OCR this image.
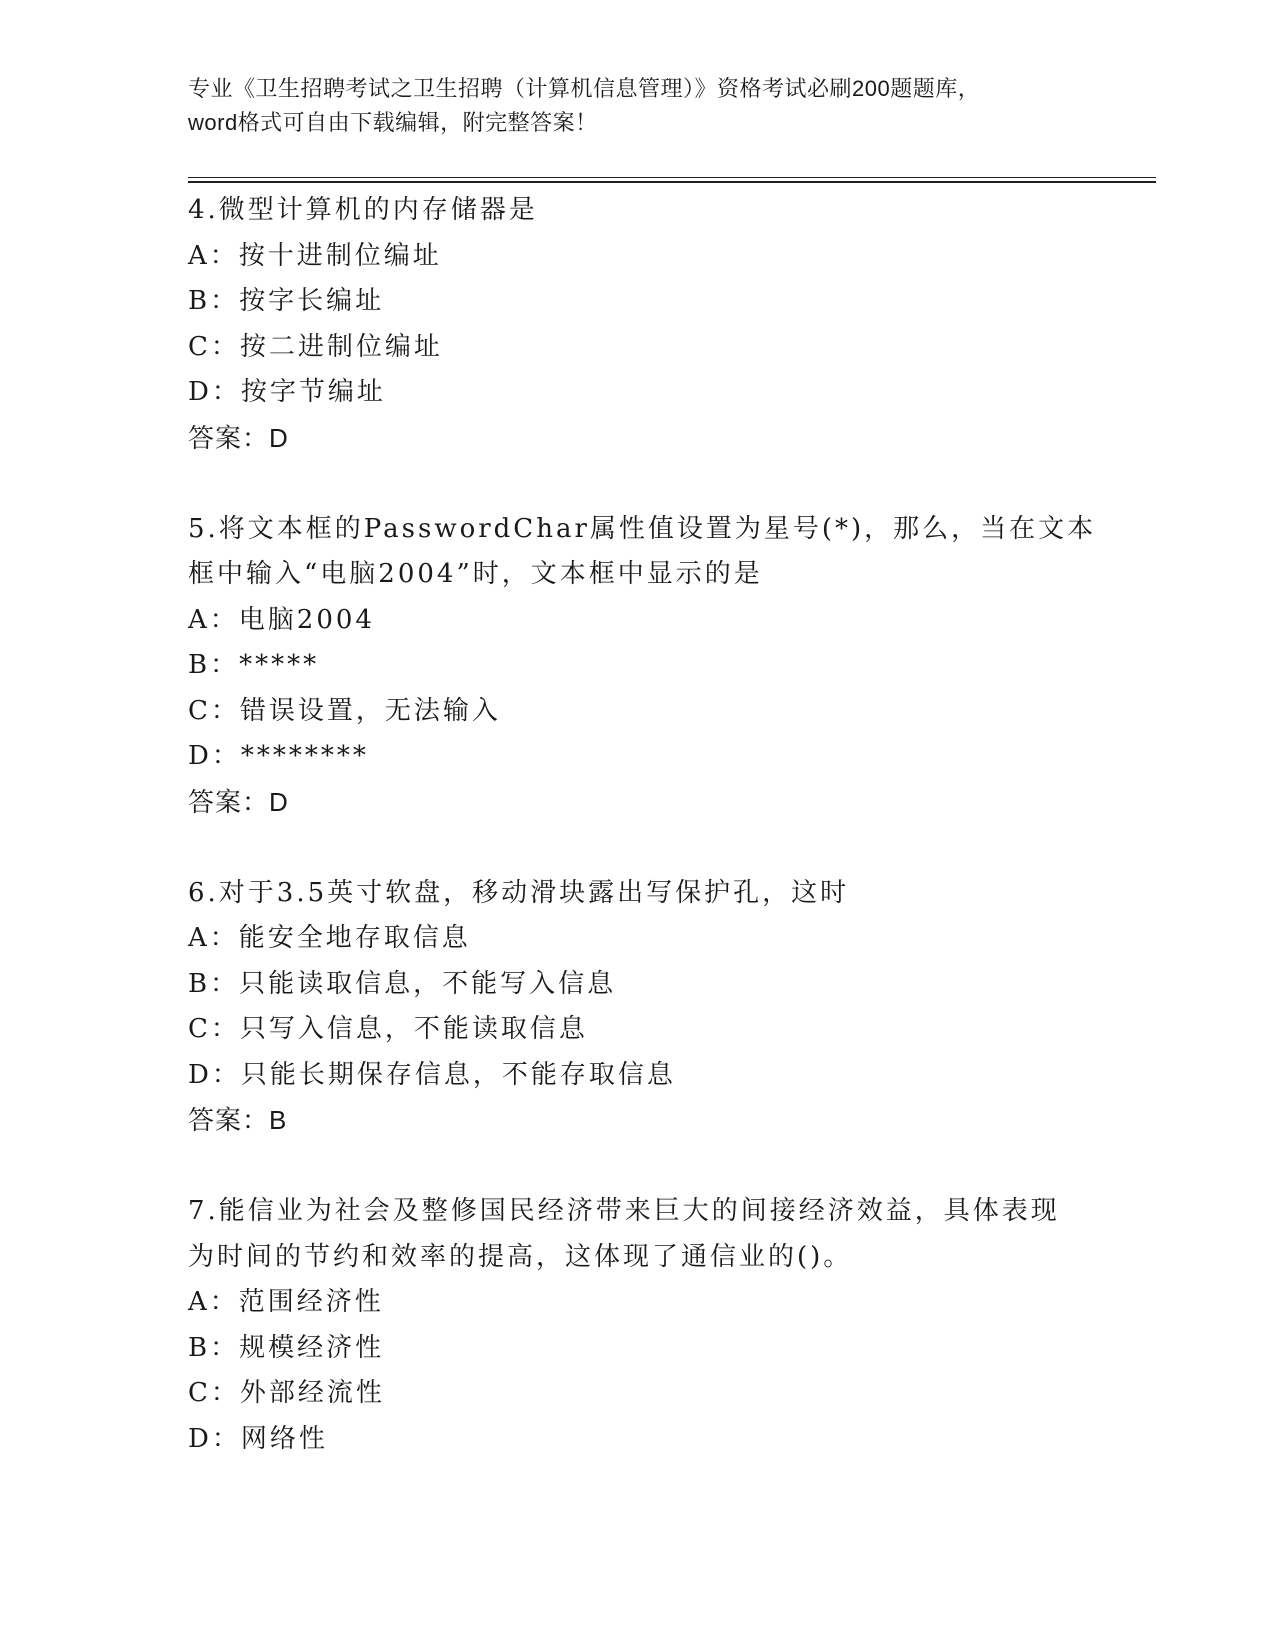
专业《卫生招聘考试之卫生招聘（计算机信息管理）》资格考试必刷200题题库，
word格式可自由下载编辑，附完整答案！
4.微型计算机的内存储器是
A：按十进制位编址
B：按字长编址
C：按二进制位编址
D：按字节编址
答案：D
5.将文本框的PasswordChar属性值设置为星号(*)，那么，当在文本
框中输入“电脑2004”时，文本框中显示的是
A：电脑2004
B：*****
C：错误设置，无法输入
D：********
答案：D
6.对于3.5英寸软盘，移动滑块露出写保护孔，这时
A：能安全地存取信息
B：只能读取信息，不能写入信息
C：只写入信息，不能读取信息
D：只能长期保存信息，不能存取信息
答案：B
7.能信业为社会及整修国民经济带来巨大的间接经济效益，具体表现
为时间的节约和效率的提高，这体现了通信业的()。
A：范围经济性
B：规模经济性
C：外部经流性
D：网络性
